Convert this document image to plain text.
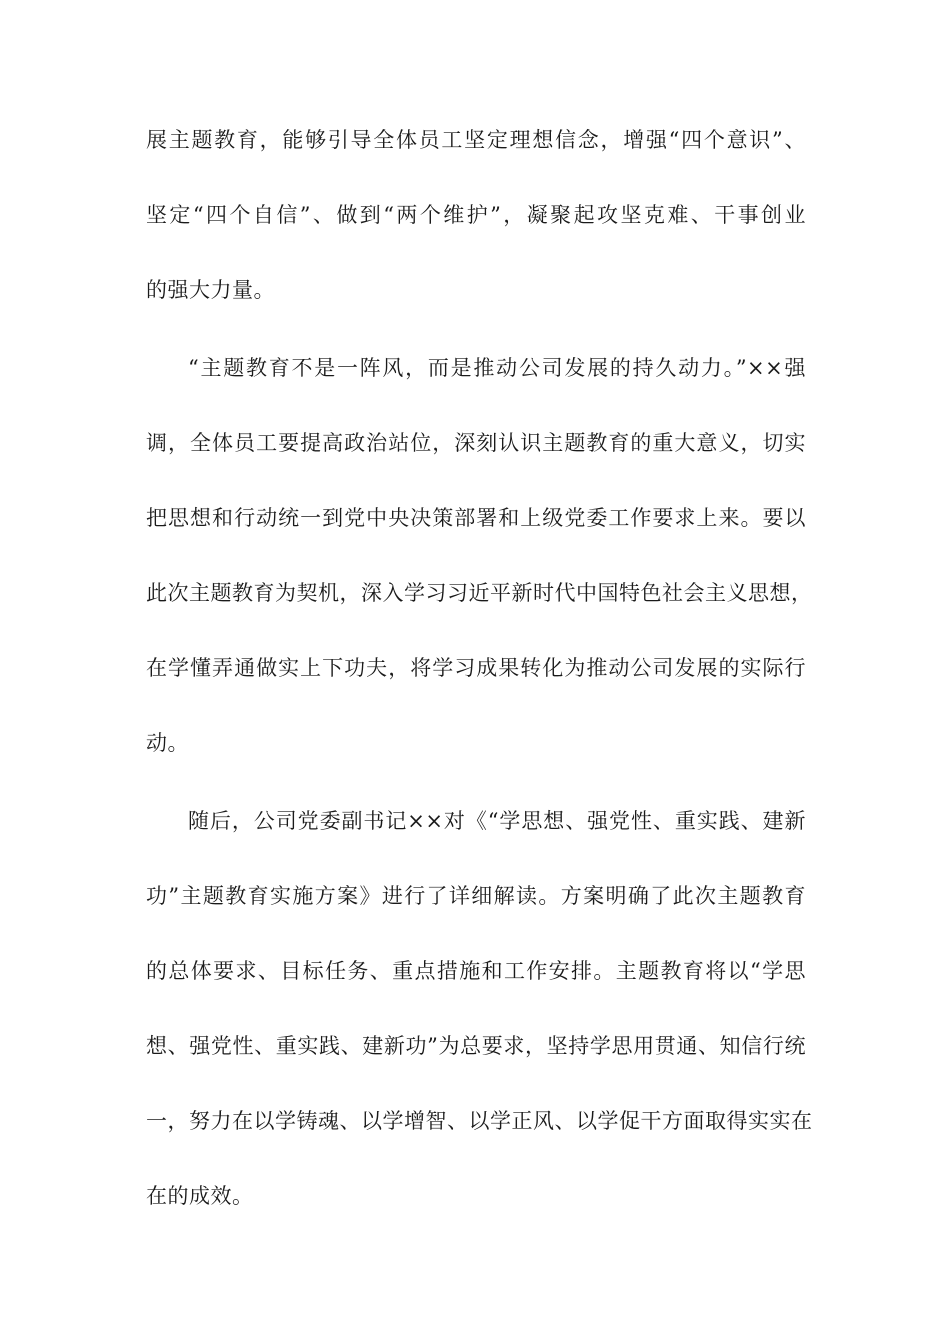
展主题教育，能够引导全体员工坚定理想信念，增强“四个意识”、
坚定“四个自信”、做到“两个维护”，凝聚起攻坚克难、干事创业
的强大力量。
“主题教育不是一阵风，而是推动公司发展的持久动力。”××强
调，全体员工要提高政治站位，深刻认识主题教育的重大意义，切实
把思想和行动统一到党中央决策部署和上级党委工作要求上来。要以
此次主题教育为契机，深入学习习近平新时代中国特色社会主义思想，
在学懂弄通做实上下功夫，将学习成果转化为推动公司发展的实际行
动。
随后，公司党委副书记××对《“学思想、强党性、重实践、建新
功”主题教育实施方案》进行了详细解读。方案明确了此次主题教育
的总体要求、目标任务、重点措施和工作安排。主题教育将以“学思
想、强党性、重实践、建新功”为总要求，坚持学思用贯通、知信行统
一，努力在以学铸魂、以学增智、以学正风、以学促干方面取得实实在
在的成效。
